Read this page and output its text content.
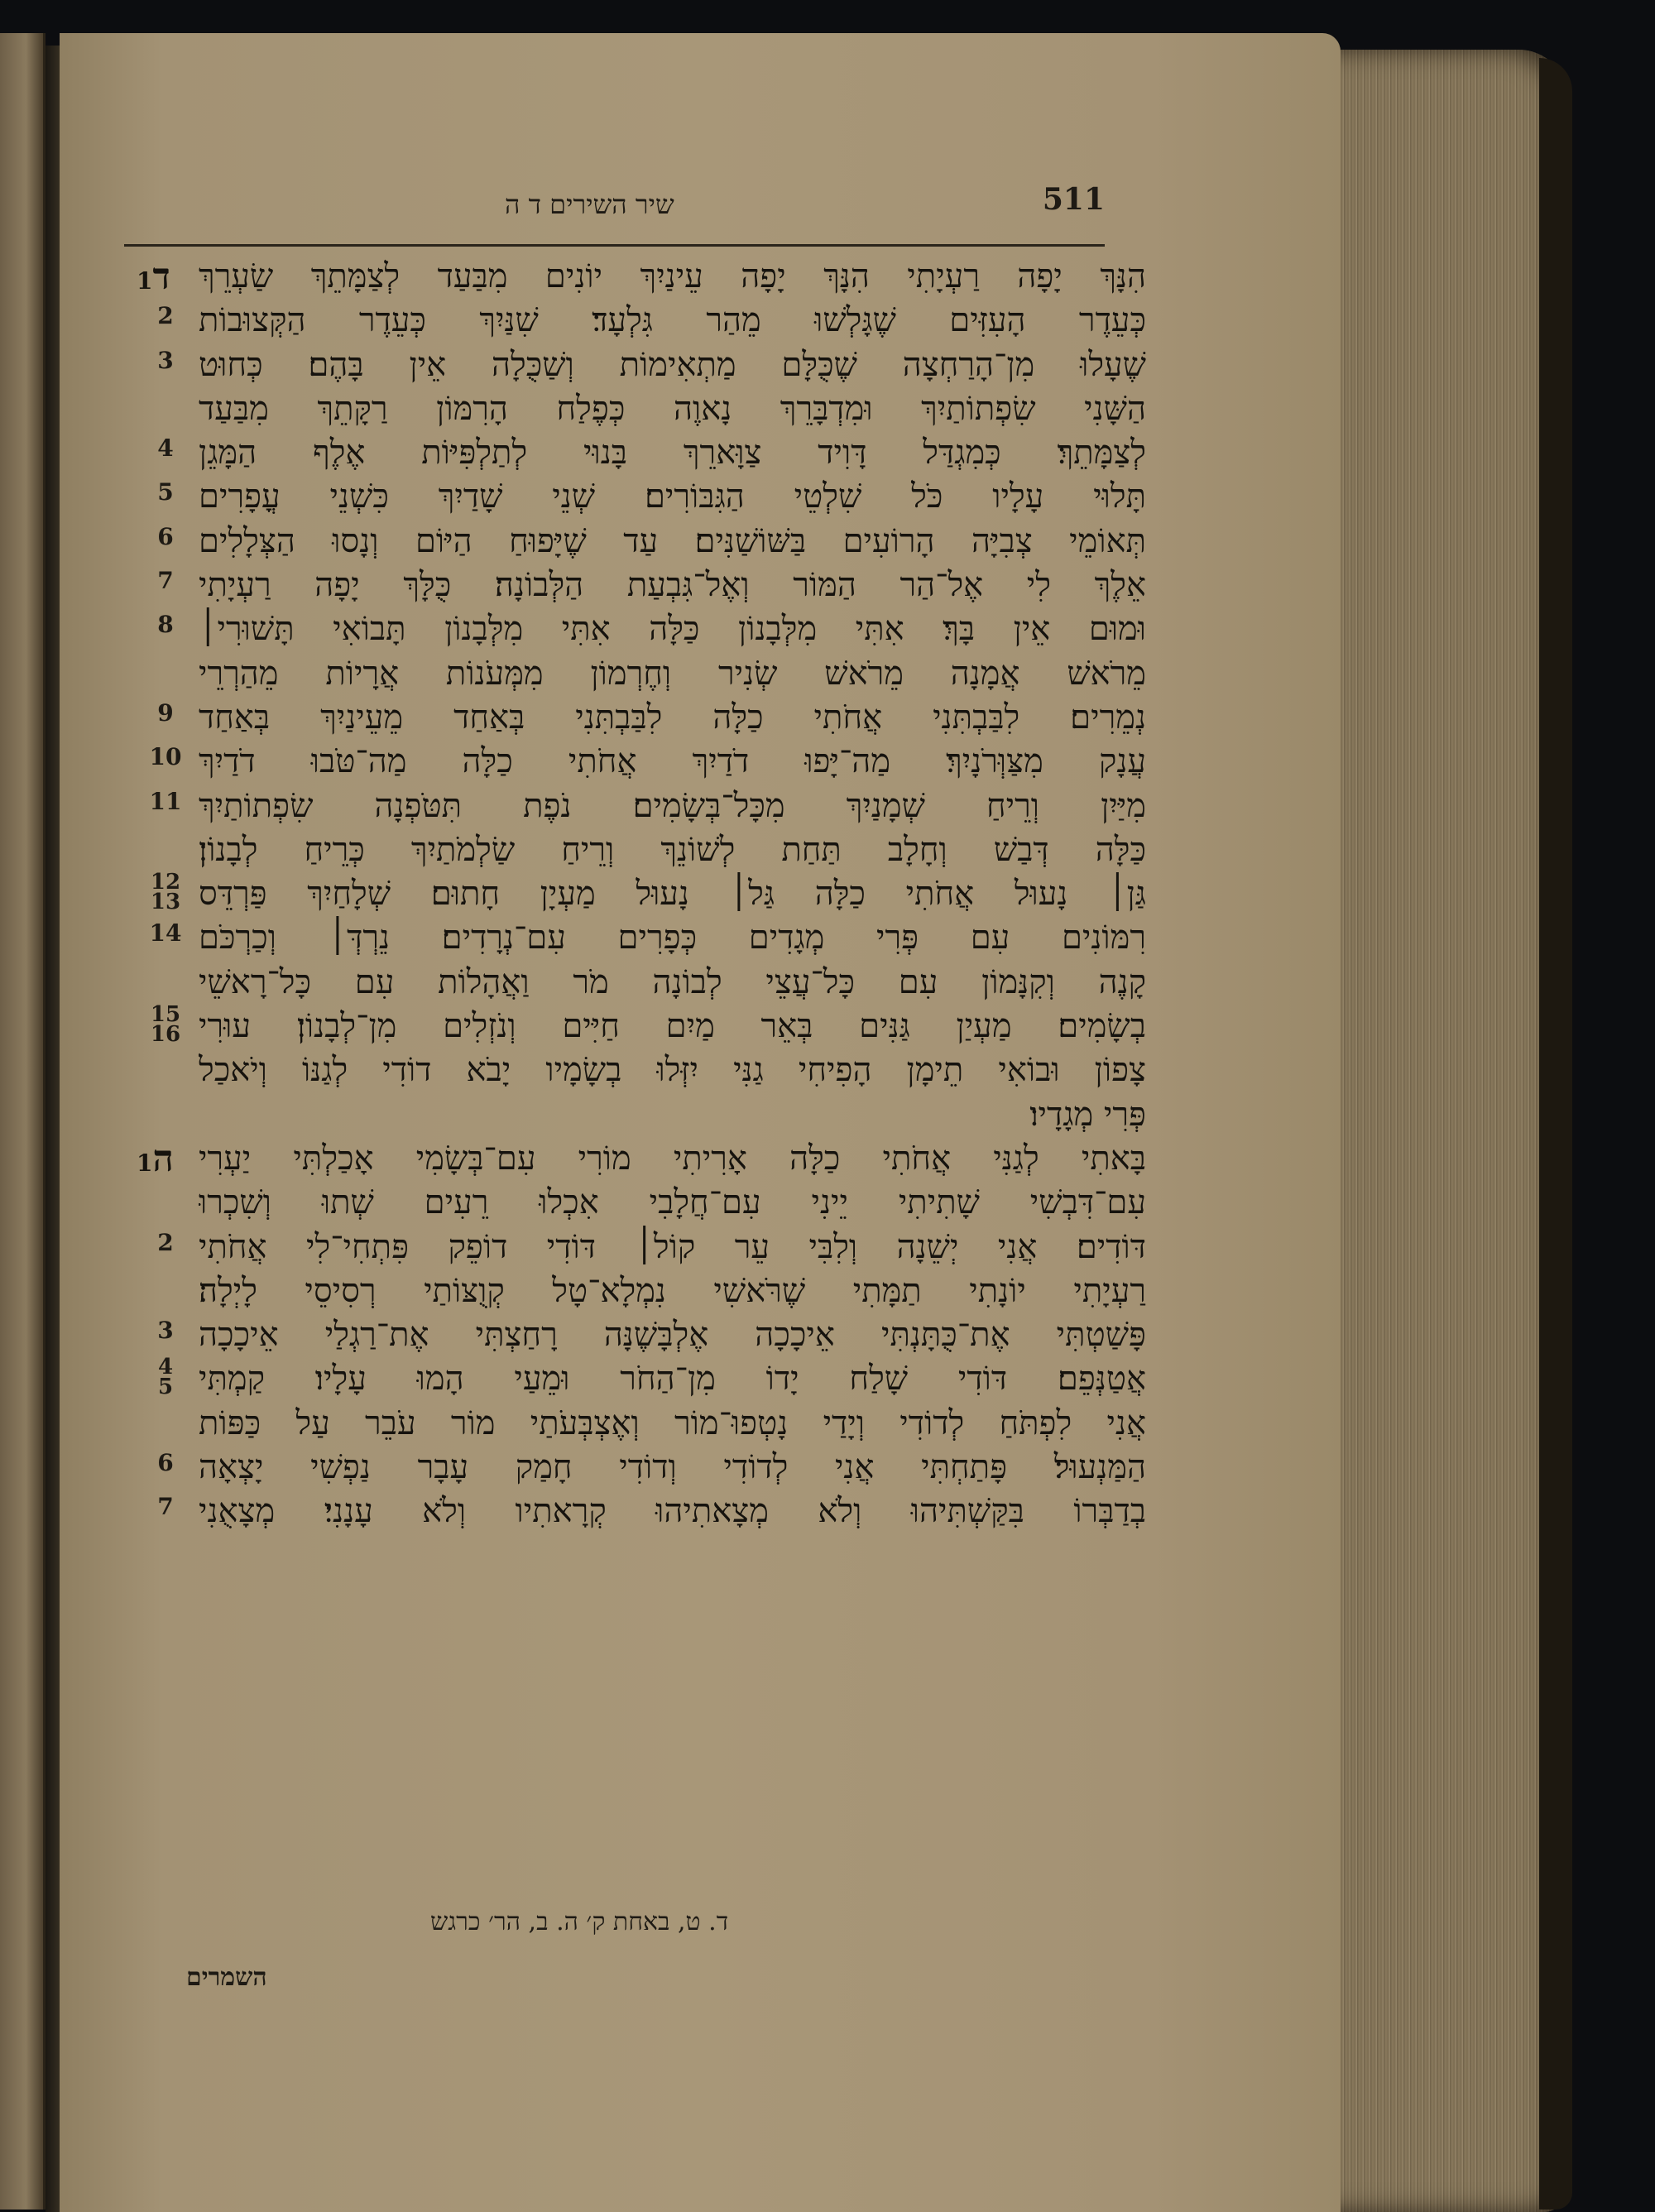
שיר השירים ד ה	511
1ד הִנָּךְ יָפָה רַעְיָתִי הִנָּךְ יָפָה עֵינַיִךְ יוֹנִים מִבַּעַד לְצַמָּתֵךְ שַׂעְרֵךְ
2 כְּעֵדֶר הָעִזִּים שֶׁגָּלְשׁוּ מֵהַר גִּלְעָד׃ שִׁנַּיִךְ כְּעֵדֶר הַקְּצוּבוֹת
3 שֶׁעָלוּ מִן־הָרַחְצָה שֶׁכֻּלָּם מַתְאִימוֹת וְשַׁכֻּלָה אֵין בָּהֶם׃ כְּחוּט
הַשָּׁנִי שִׂפְתוֹתַיִךְ וּמִדְבָּרֵךְ נָאוֶה כְּפֶלַח הָרִמּוֹן רַקָּתֵךְ מִבַּעַד
4 לְצַמָּתֵךְ׃ כְּמִגְדַּל דָּוִיד צַוָּארֵךְ בָּנוּי לְתַלְפִּיּוֹת אֶלֶף הַמָּגֵן
5 תָּלוּי עָלָיו כֹּל שִׁלְטֵי הַגִּבּוֹרִים׃ שְׁנֵי שָׁדַיִךְ כִּשְׁנֵי עֳפָרִים
6 תְּאוֹמֵי צְבִיָּה הָרוֹעִים בַּשּׁוֹשַׁנִּים׃ עַד שֶׁיָּפוּחַ הַיּוֹם וְנָסוּ הַצְּלָלִים
7 אֵלֶךְ לִי אֶל־הַר הַמּוֹר וְאֶל־גִּבְעַת הַלְּבוֹנָה׃ כֻּלָּךְ יָפָה רַעְיָתִי
8 וּמוּם אֵין בָּךְ׃ אִתִּי מִלְּבָנוֹן כַּלָּה אִתִּי מִלְּבָנוֹן תָּבוֹאִי תָּשׁוּרִי׀
מֵרֹאשׁ אֲמָנָה מֵרֹאשׁ שְׂנִיר וְחֶרְמוֹן מִמְּעֹנוֹת אֲרָיוֹת מֵהַרְרֵי
9 נְמֵרִים׃ לִבַּבְתִּנִי אֲחֹתִי כַלָּה לִבַּבְתִּנִי בְּאַחַד מֵעֵינַיִךְ בְּאַחַד
10 עֲנָק מִצַּוְּרֹנָיִךְ׃ מַה־יָּפוּ דֹדַיִךְ אֲחֹתִי כַלָּה מַה־טֹּבוּ דֹדַיִךְ
11 מִיַּיִן וְרֵיחַ שְׁמָנַיִךְ מִכָּל־בְּשָׂמִים׃ נֹפֶת תִּטֹּפְנָה שִׂפְתוֹתַיִךְ
כַּלָּה דְּבַשׁ וְחָלָב תַּחַת לְשׁוֹנֵךְ וְרֵיחַ שַׂלְמֹתַיִךְ כְּרֵיחַ לְבָנוֹן׃
12
13 גַּן׀ נָעוּל אֲחֹתִי כַלָּה גַּל׀ נָעוּל מַעְיָן חָתוּם׃ שְׁלָחַיִךְ פַּרְדֵּס
14 רִמּוֹנִים עִם פְּרִי מְגָדִים כְּפָרִים עִם־נְרָדִים׃ נֵרְדְּ׀ וְכַרְכֹּם
קָנֶה וְקִנָּמוֹן עִם כָּל־עֲצֵי לְבוֹנָה מֹר וַאֲהָלוֹת עִם כָּל־רָאשֵׁי
15
16 בְשָׂמִים׃ מַעְיַן גַּנִּים בְּאֵר מַיִם חַיִּים וְנֹזְלִים מִן־לְבָנוֹן׃ עוּרִי
צָפוֹן וּבוֹאִי תֵימָן הָפִיחִי גַנִּי יִזְּלוּ בְשָׂמָיו יָבֹא דוֹדִי לְגַנּוֹ וְיֹאכַל
פְּרִי מְגָדָיו׃
1ה בָּאתִי לְגַנִּי אֲחֹתִי כַלָּה אָרִיתִי מוֹרִי עִם־בְּשָׂמִי אָכַלְתִּי יַעְרִי
עִם־דִּבְשִׁי שָׁתִיתִי יֵינִי עִם־חֲלָבִי אִכְלוּ רֵעִים שְׁתוּ וְשִׁכְרוּ
2 דּוֹדִים׃ אֲנִי יְשֵׁנָה וְלִבִּי עֵר קוֹל׀ דּוֹדִי דוֹפֵק פִּתְחִי־לִי אֲחֹתִי
רַעְיָתִי יוֹנָתִי תַמָּתִי שֶׁרֹּאשִׁי נִמְלָא־טָל קְוֻצּוֹתַי רְסִיסֵי לָיְלָה׃
3 פָּשַׁטְתִּי אֶת־כֻּתָּנְתִּי אֵיכָכָה אֶלְבָּשֶׁנָּה רָחַצְתִּי אֶת־רַגְלַי אֵיכָכָה
4
5 אֲטַנְּפֵם׃ דּוֹדִי שָׁלַח יָדוֹ מִן־הַחֹר וּמֵעַי הָמוּ עָלָיו׃ קַמְתִּי
אֲנִי לִפְתֹּחַ לְדוֹדִי וְיָדַי נָטְפוּ־מוֹר וְאֶצְבְּעֹתַי מוֹר עֹבֵר עַל כַּפּוֹת
6 הַמַּנְעוּל׃ פָּתַחְתִּי אֲנִי לְדוֹדִי וְדוֹדִי חָמַק עָבָר נַפְשִׁי יָצְאָה
7 בְדַבְּרוֹ בִּקַּשְׁתִּיהוּ וְלֹא מְצָאתִיהוּ קְרָאתִיו וְלֹא עָנָנִי׃ מְצָאֻנִי
ד. ט, באחת ק׳ ה. ב, הר׳ כרגש
השמרים
